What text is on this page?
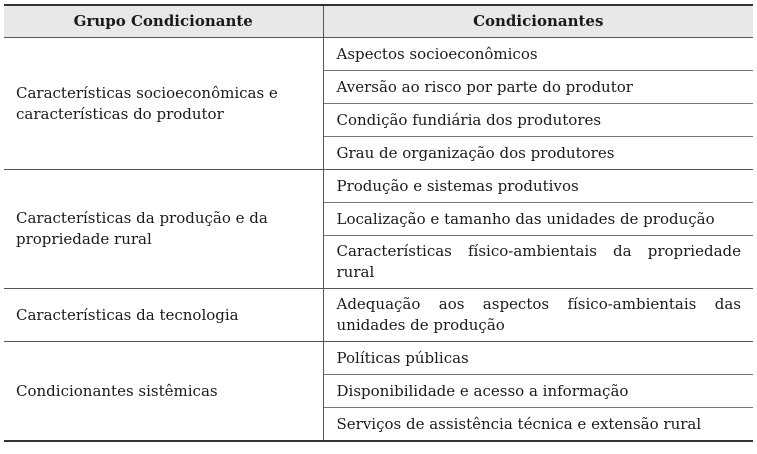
Grupo Condicionante	Condicionantes
Características socioeconômicas e características do produtor	Aspectos socioeconômicos
	Aversão ao risco por parte do produtor
	Condição fundiária dos produtores
	Grau de organização dos produtores
Características da produção e da propriedade rural	Produção e sistemas produtivos
	Localização e tamanho das unidades de produção
	Características físico-ambientais da propriedade rural
Características da tecnologia	Adequação aos aspectos físico-ambientais das unidades de produção
Condicionantes sistêmicas	Políticas públicas
	Disponibilidade e acesso a informação
	Serviços de assistência técnica e extensão rural
